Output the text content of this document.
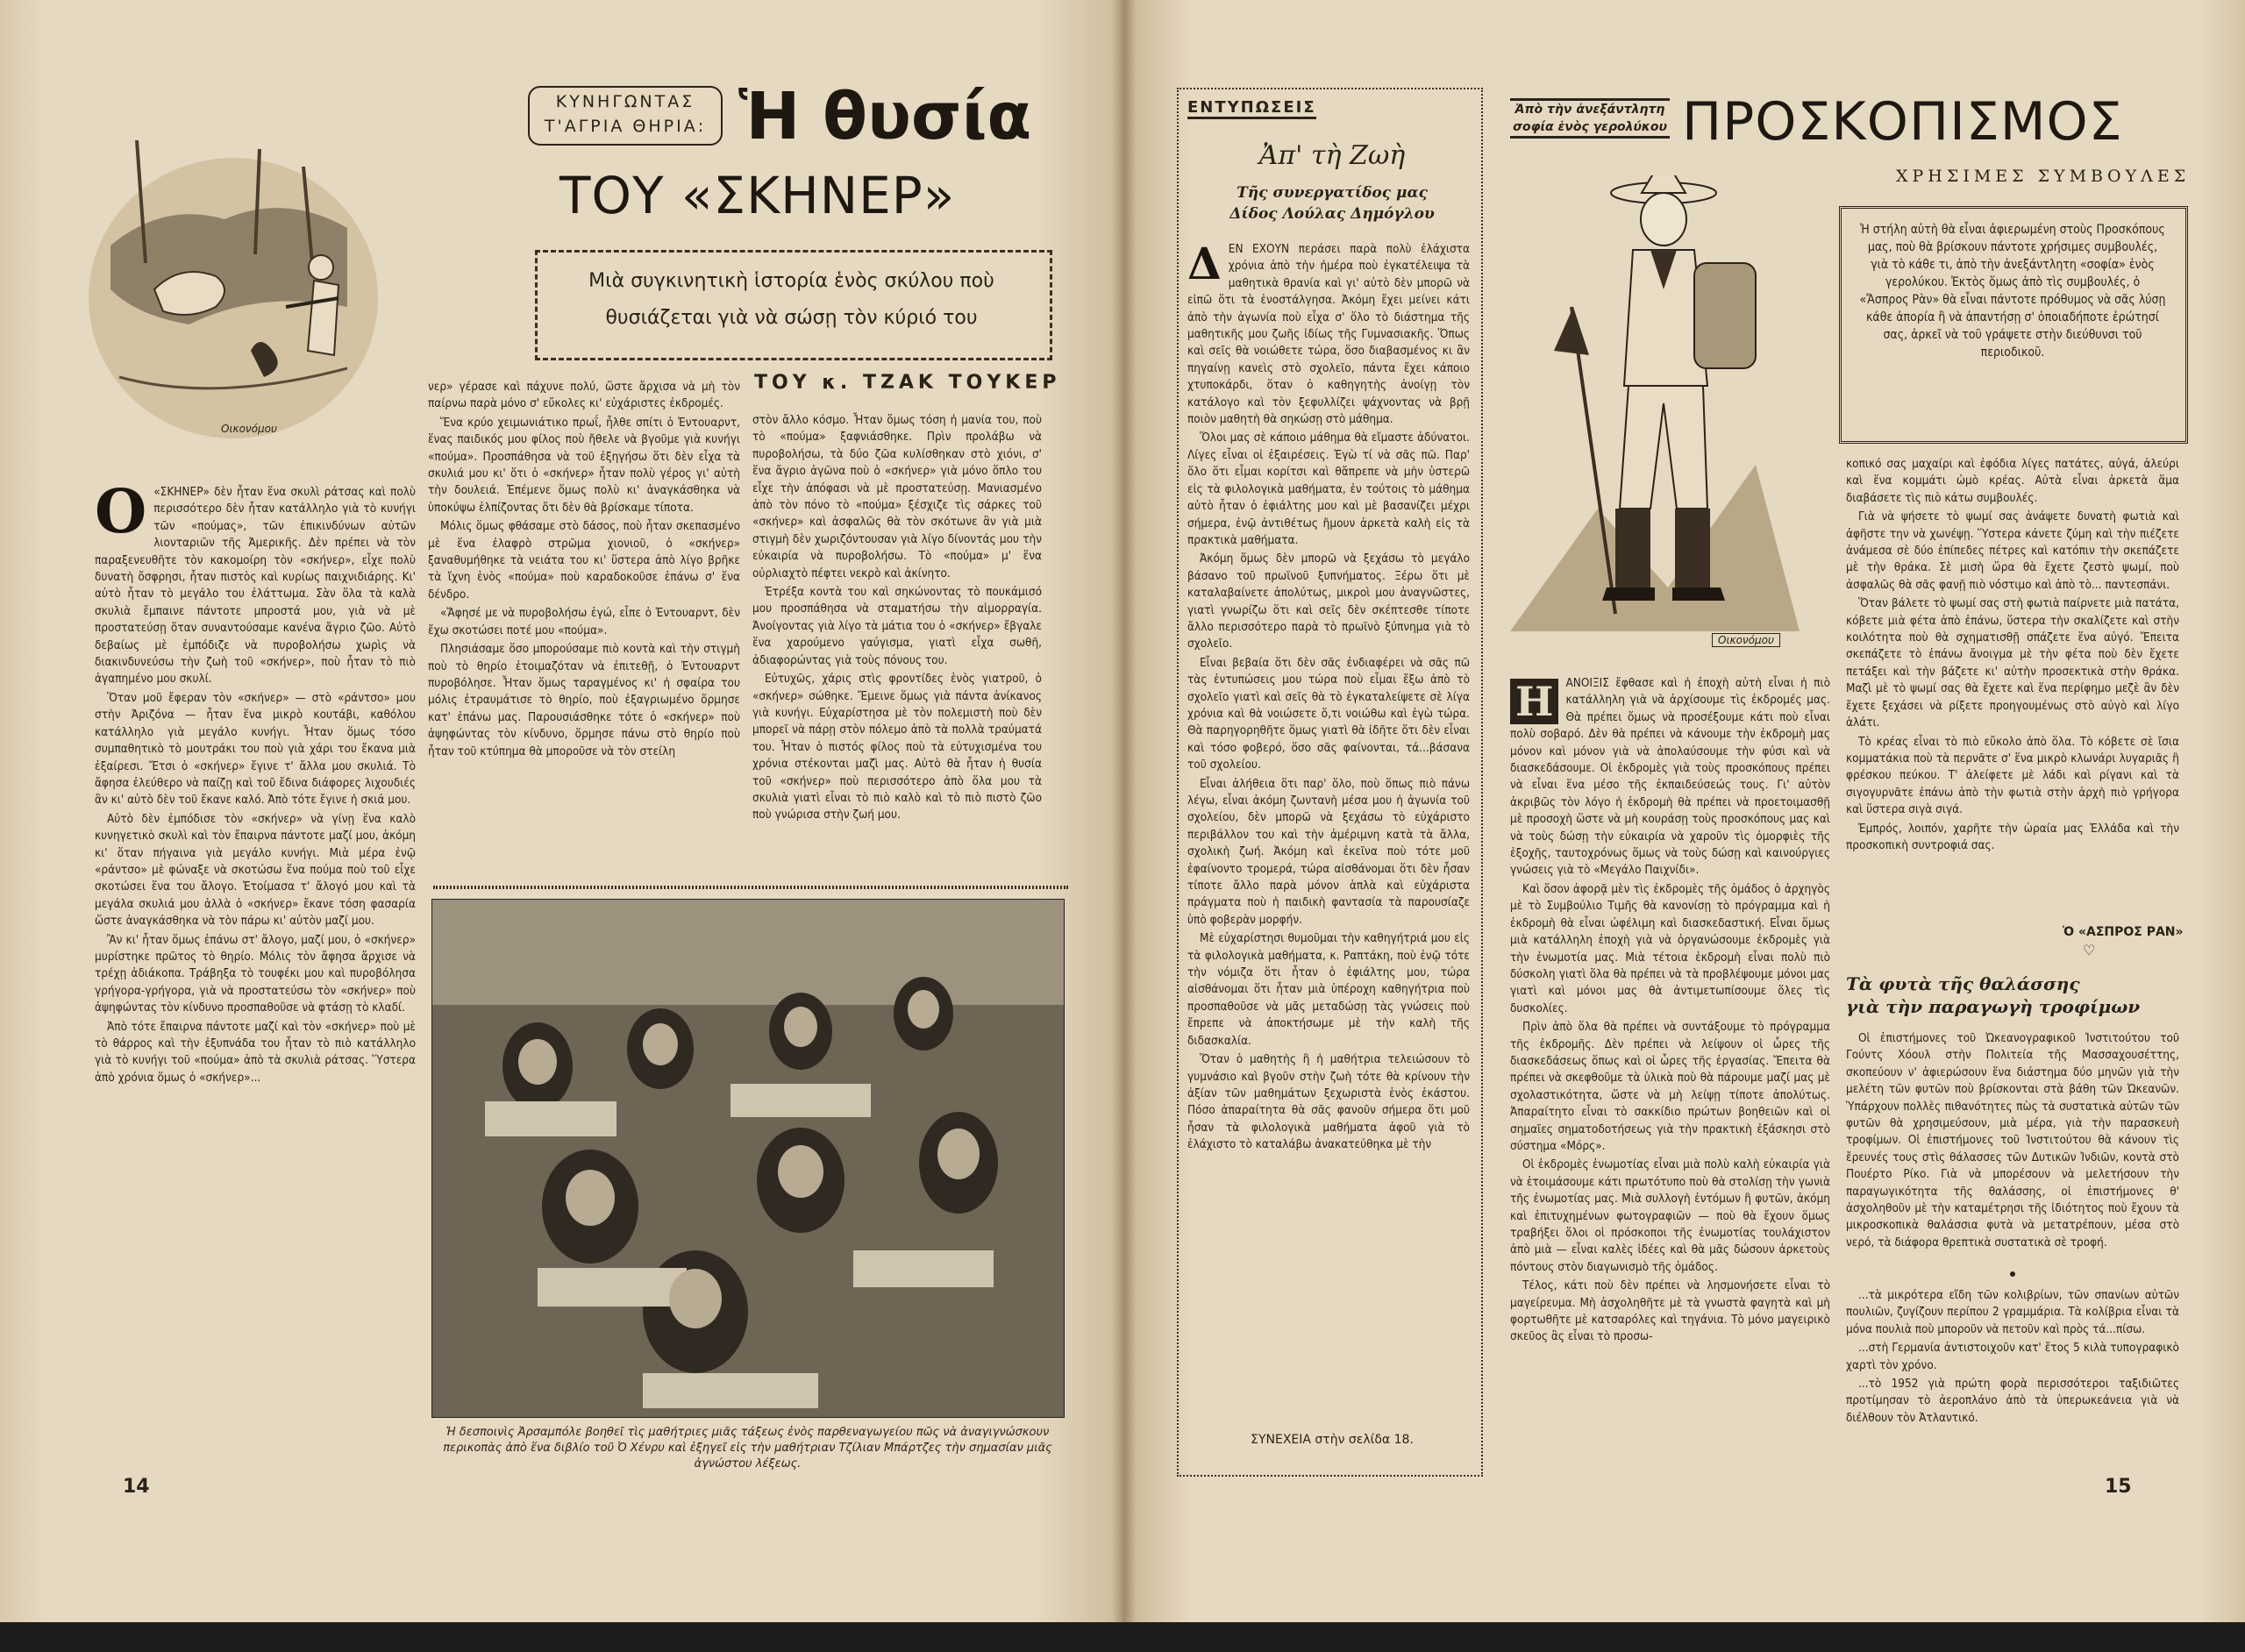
Οικονόμου
ΚΥΝΗΓΩΝΤΑΣ Τ'ΑΓΡΙΑ ΘΗΡΙΑ: Ἡ θυσία
ΤΟΥ «ΣΚΗΝΕΡ»
Μιὰ συγκινητικὴ ἱστορία ἑνὸς σκύλου ποὺ θυσιάζεται γιὰ νὰ σώσῃ τὸν κύριό του
ΤΟΥ κ. ΤΖΑΚ ΤΟΥΚΕΡ
O «ΣΚΗΝΕΡ» δὲν ἦταν ἕνα σκυλὶ ράτσας καὶ πολὺ περισσότερο δὲν ἦταν κατάλληλο γιὰ τὸ κυνήγι τῶν «πούμας», τῶν ἐπικινδύνων αὐτῶν λιονταριῶν τῆς Ἀμερικῆς. Δὲν πρέπει νὰ τὸν παραξενευθῆτε τὸν κακομοίρη τὸν «σκήνερ», εἶχε πολὺ δυνατὴ ὄσφρησι, ἦταν πιστὸς καὶ κυρίως παιχνιδιάρης. Κι' αὐτὸ ἦταν τὸ μεγάλο του ἐλάττωμα. Σὰν ὅλα τὰ καλὰ σκυλιὰ ἔμπαινε πάντοτε μπροστά μου, γιὰ νὰ μὲ προστατεύσῃ ὅταν συναντούσαμε κανένα ἄγριο ζῶο. Αὐτὸ δεβαίως μὲ ἐμπόδιζε νὰ πυροβολήσω χωρὶς νὰ διακινδυνεύσω τὴν ζωὴ τοῦ «σκήνερ», ποὺ ἦταν τὸ πιὸ ἀγαπημένο μου σκυλί.

Ὅταν μοῦ ἔφεραν τὸν «σκήνερ» — στὸ «ράντσο» μου στὴν Ἀριζόνα — ἦταν ἕνα μικρὸ κουτάβι, καθόλου κατάλληλο γιὰ μεγάλο κυνήγι. Ἦταν ὅμως τόσο συμπαθητικὸ τὸ μουτράκι του ποὺ γιὰ χάρι του ἔκανα μιὰ ἐξαίρεσι. Ἔτσι ὁ «σκήνερ» ἔγινε τ' ἄλλα μου σκυλιά. Τὸ ἄφησα ἐλεύθερο νὰ παίζῃ καὶ τοῦ ἔδινα διάφορες λιχουδιές ἂν κι' αὐτὸ δὲν τοῦ ἔκανε καλό. Ἀπὸ τότε ἔγινε ἡ σκιά μου.

Αὐτὸ δὲν ἐμπόδισε τὸν «σκήνερ» νὰ γίνῃ ἕνα καλὸ κυνηγετικὸ σκυλὶ καὶ τὸν ἔπαιρνα πάντοτε μαζί μου, ἀκόμη κι' ὅταν πήγαινα γιὰ μεγάλο κυνήγι. Μιὰ μέρα ἐνῷ «ράντσο» μὲ φώναξε νὰ σκοτώσω ἕνα πούμα ποὺ τοῦ εἶχε σκοτώσει ἕνα του ἄλογο. Ἑτοίμασα τ' ἄλογό μου καὶ τὰ μεγάλα σκυλιά μου ἀλλὰ ὁ «σκήνερ» ἔκανε τόση φασαρία ὥστε ἀναγκάσθηκα νὰ τὸν πάρω κι' αὐτὸν μαζί μου.

Ἂν κι' ἦταν ὅμως ἐπάνω στ' ἄλογο, μαζί μου, ὁ «σκήνερ» μυρίστηκε πρῶτος τὸ θηρίο. Μόλις τὸν ἄφησα ἄρχισε νὰ τρέχῃ ἀδιάκοπα. Τράβηξα τὸ τουφέκι μου καὶ πυροβόλησα γρήγορα-γρήγορα, γιὰ νὰ προστατεύσω τὸν «σκήνερ» ποὺ ἀψηφώντας τὸν κίνδυνο προσπαθοῦσε νὰ φτάσῃ τὸ κλαδί.

Ἀπὸ τότε ἔπαιρνα πάντοτε μαζί καὶ τὸν «σκήνερ» ποὺ μὲ τὸ θάρρος καὶ τὴν ἐξυπνάδα του ἦταν τὸ πιὸ κατάλληλο γιὰ τὸ κυνήγι τοῦ «πούμα» ἀπὸ τὰ σκυλιὰ ράτσας. Ὕστερα ἀπὸ χρόνια ὅμως ὁ «σκήνερ»...

14

νερ» γέρασε καὶ πάχυνε πολύ, ὥστε ἄρχισα νὰ μὴ τὸν παίρνω παρὰ μόνο σ' εὔκολες κι' εὐχάριστες ἐκδρομές.

Ἕνα κρύο χειμωνιάτικο πρωΐ, ἦλθε σπίτι ὁ Ἐντουαρντ, ἕνας παιδικός μου φίλος ποὺ ἤθελε νὰ βγοῦμε γιὰ κυνήγι «πούμα». Προσπάθησα νὰ τοῦ ἐξηγήσω ὅτι δὲν εἶχα τὰ σκυλιά μου κι' ὅτι ὁ «σκήνερ» ἦταν πολὺ γέρος γι' αὐτὴ τὴν δουλειά. Ἐπέμενε ὅμως πολὺ κι' ἀναγκάσθηκα νὰ ὑποκύψω ἐλπίζοντας ὅτι δὲν θὰ βρίσκαμε τίποτα.

Μόλις ὅμως φθάσαμε στὸ δάσος, ποὺ ἦταν σκεπασμένο μὲ ἕνα ἐλαφρὸ στρῶμα χιονιοῦ, ὁ «σκήνερ» ξαναθυμήθηκε τὰ νειάτα του κι' ὕστερα ἀπὸ λίγο βρῆκε τὰ ἴχνη ἑνὸς «πούμα» ποὺ καραδοκοῦσε ἐπάνω σ' ἕνα δένδρο.

«Ἄφησέ με νὰ πυροβολήσω ἐγώ, εἶπε ὁ Ἐντουαρντ, δὲν ἔχω σκοτώσει ποτέ μου «πούμα».

Πλησιάσαμε ὅσο μπορούσαμε πιὸ κοντὰ καὶ τὴν στιγμὴ ποὺ τὸ θηρίο ἑτοιμαζόταν νὰ ἐπιτεθῇ, ὁ Ἐντουαρντ πυροβόλησε. Ἦταν ὅμως ταραγμένος κι' ἡ σφαίρα του μόλις ἐτραυμάτισε τὸ θηρίο, ποὺ ἐξαγριωμένο ὅρμησε κατ' ἐπάνω μας. Παρουσιάσθηκε τότε ὁ «σκήνερ» ποὺ ἀψηφώντας τὸν κίνδυνο, ὅρμησε πάνω στὸ θηρίο ποὺ ἦταν τοῦ κτύπημα θὰ μποροῦσε νὰ τὸν στείλη

στὸν ἄλλο κόσμο. Ἦταν ὅμως τόση ἡ μανία του, ποὺ τὸ «πούμα» ξαφνιάσθηκε. Πρὶν προλάβω νὰ πυροβολήσω, τὰ δύο ζῶα κυλίσθηκαν στὸ χιόνι, σ' ἕνα ἄγριο ἀγῶνα ποὺ ὁ «σκήνερ» γιὰ μόνο ὅπλο του εἶχε τὴν ἀπόφασι νὰ μὲ προστατεύσῃ. Μανιασμένο ἀπὸ τὸν πόνο τὸ «πούμα» ξέσχιζε τὶς σάρκες τοῦ «σκήνερ» καὶ ἀσφαλῶς θὰ τὸν σκότωνε ἂν γιὰ μιὰ στιγμὴ δὲν χωριζόντουσαν γιὰ λίγο δίνοντάς μου τὴν εὐκαιρία νὰ πυροβολήσω. Τὸ «πούμα» μ' ἕνα οὐρλιαχτὸ πέφτει νεκρὸ καὶ ἀκίνητο.

Ἐτρέξα κοντὰ του καὶ σηκώνοντας τὸ πουκάμισό μου προσπάθησα νὰ σταματήσω τὴν αἱμορραγία. Ἀνοίγοντας γιὰ λίγο τὰ μάτια του ὁ «σκήνερ» ἔβγαλε ἕνα χαρούμενο γαύγισμα, γιατὶ εἶχα σωθῆ, ἀδιαφορώντας γιὰ τοὺς πόνους του.

Εὐτυχῶς, χάρις στὶς φροντίδες ἑνὸς γιατροῦ, ὁ «σκήνερ» σώθηκε. Ἔμεινε ὅμως γιὰ πάντα ἀνίκανος γιὰ κυνήγι. Εὐχαρίστησα μὲ τὸν πολεμιστὴ ποὺ δὲν μπορεῖ νὰ πάρῃ στὸν πόλεμο ἀπὸ τὰ πολλὰ τραύματά του. Ἦταν ὁ πιστός φίλος ποὺ τὰ εὐτυχισμένα του χρόνια στέκονται μαζὶ μας. Αὐτὸ θὰ ἦταν ἡ θυσία τοῦ «σκήνερ» ποὺ περισσότερο ἀπὸ ὅλα μου τὰ σκυλιὰ γιατὶ εἶναι τὸ πιὸ καλὸ καὶ τὸ πιὸ πιστὸ ζῶο ποὺ γνώρισα στὴν ζωή μου.

Ἡ δεσποινὶς Ἀρσαμπόλε βοηθεῖ τὶς μαθήτριες μιᾶς τάξεως ἑνὸς παρθεναγωγείου πῶς νὰ ἀναγιγνώσκουν περικοπὰς ἀπὸ ἕνα διβλίο τοῦ Ὀ Χένρυ καὶ ἐξηγεῖ εἰς τὴν μαθήτριαν Τζίλιαν Μπάρτζες τὴν σημασίαν μιᾶς ἀγνώστου λέξεως.
ΕΝΤΥΠΩΣΕΙΣ
Ἀπ' τὴ Ζωὴ
Τῆς συνεργατίδος μας
Δίδος Λούλας Δημόγλου
Δ ΕΝ ΕΧΟΥΝ περάσει παρὰ πολὺ ἐλάχιστα χρόνια ἀπὸ τὴν ἡμέρα ποὺ ἐγκατέλειψα τὰ μαθητικὰ θρανία καὶ γι' αὐτὸ δὲν μπορῶ νὰ εἰπῶ ὅτι τὰ ἐνοστάλγησα. Ἀκόμη ἔχει μείνει κάτι ἀπὸ τὴν ἀγωνία ποὺ εἶχα σ' ὅλο τὸ διάστημα τῆς μαθητικῆς μου ζωῆς ἰδίως τῆς Γυμνασιακῆς. Ὅπως καὶ σεῖς θὰ νοιώθετε τώρα, ὅσο διαβασμένος κι ἂν πηγαίνῃ κανεὶς στὸ σχολεῖο, πάντα ἔχει κάποιο χτυποκάρδι, ὅταν ὁ καθηγητὴς ἀνοίγῃ τὸν κατάλογο καὶ τὸν ξεφυλλίζει ψάχνοντας νὰ βρῇ ποιὸν μαθητὴ θὰ σηκώσῃ στὸ μάθημα.

Ὅλοι μας σὲ κάποιο μάθημα θὰ εἴμαστε ἀδύνατοι. Λίγες εἶναι οἱ ἐξαιρέσεις. Ἐγὼ τί νὰ σᾶς πῶ. Παρ' ὅλο ὅτι εἶμαι κορίτσι καὶ θἄπρεπε νὰ μὴν ὑστερῶ εἰς τὰ φιλολογικὰ μαθήματα, ἐν τούτοις τὸ μάθημα αὐτὸ ἦταν ὁ ἐφιάλτης μου καὶ μὲ βασανίζει μέχρι σήμερα, ἐνῷ ἀντιθέτως ἤμουν ἀρκετὰ καλὴ εἰς τὰ πρακτικὰ μαθήματα.

Ἀκόμη ὅμως δὲν μπορῶ νὰ ξεχάσω τὸ μεγάλο βάσανο τοῦ πρωϊνοῦ ξυπνήματος. Ξέρω ὅτι μὲ καταλαβαίνετε ἀπολύτως, μικροὶ μου ἀναγνῶστες, γιατὶ γνωρίζω ὅτι καὶ σεῖς δὲν σκέπτεσθε τίποτε ἄλλο περισσότερο παρὰ τὸ πρωϊνὸ ξύπνημα γιὰ τὸ σχολεῖο.

Εἶναι βεβαία ὅτι δὲν σᾶς ἐνδιαφέρει νὰ σᾶς πῶ τὰς ἐντυπώσεις μου τώρα ποὺ εἶμαι ἔξω ἀπὸ τὸ σχολεῖο γιατὶ καὶ σεῖς θὰ τὸ ἐγκαταλείψετε σὲ λίγα χρόνια καὶ θὰ νοιώσετε ὅ,τι νοιώθω καὶ ἐγὼ τώρα. Θὰ παρηγορηθῆτε ὅμως γιατὶ θὰ ἰδῆτε ὅτι δὲν εἶναι καὶ τόσο φοβερό, ὅσο σᾶς φαίνονται, τά...βάσανα τοῦ σχολείου.

Εἶναι ἀλήθεια ὅτι παρ' ὅλο, ποὺ ὅπως πιὸ πάνω λέγω, εἶναι ἀκόμη ζωντανὴ μέσα μου ἡ ἀγωνία τοῦ σχολείου, δὲν μπορῶ νὰ ξεχάσω τὸ εὐχάριστο περιβάλλον του καὶ τὴν ἀμέριμνη κατὰ τὰ ἄλλα, σχολικὴ ζωή. Ἀκόμη καὶ ἐκεῖνα ποὺ τότε μοῦ ἐφαίνοντο τρομερά, τώρα αἰσθάνομαι ὅτι δὲν ἦσαν τίποτε ἄλλο παρὰ μόνον ἁπλὰ καὶ εὐχάριστα πράγματα ποὺ ἡ παιδικὴ φαντασία τὰ παρουσίαζε ὑπὸ φοβερὰν μορφήν.

Μὲ εὐχαρίστησι θυμοῦμαι τὴν καθηγήτριά μου εἰς τὰ φιλολογικὰ μαθήματα, κ. Ραπτάκη, ποὺ ἐνῷ τότε τὴν νόμιζα ὅτι ἦταν ὁ ἐφιάλτης μου, τώρα αἰσθάνομαι ὅτι ἦταν μιὰ ὑπέροχη καθηγήτρια ποὺ προσπαθοῦσε νὰ μᾶς μεταδώσῃ τὰς γνώσεις ποὺ ἔπρεπε νὰ ἀποκτήσωμε μὲ τὴν καλὴ τῆς διδασκαλία.

Ὅταν ὁ μαθητὴς ἢ ἡ μαθήτρια τελειώσουν τὸ γυμνάσιο καὶ βγοῦν στὴν ζωὴ τότε θὰ κρίνουν τὴν ἀξίαν τῶν μαθημάτων ξεχωριστὰ ἑνὸς ἑκάστου. Πόσο ἀπαραίτητα θὰ σᾶς φανοῦν σήμερα ὅτι μοῦ ἦσαν τὰ φιλολογικὰ μαθήματα ἀφοῦ γιὰ τὸ ἐλάχιστο τὸ καταλάβω ἀνακατεύθηκα μὲ τὴν

ΣΥΝΕΧΕΙΑ στὴν σελίδα 18.
Ἀπὸ τὴν ἀνεξάντλητη
σοφία ἑνὸς γερολύκου ΠΡΟΣΚΟΠΙΣΜΟΣ
ΧΡΗΣΙΜΕΣ ΣΥΜΒΟΥΛΕΣ
Οικονόμου
Ἡ στήλη αὐτὴ θὰ εἶναι ἀφιερωμένη στοὺς Προσκόπους μας, ποὺ θὰ βρίσκουν πάντοτε χρήσιμες συμβουλές, γιὰ τὸ κάθε τι, ἀπὸ τὴν ἀνεξάντλητη «σοφία» ἑνὸς γερολύκου. Ἐκτὸς ὅμως ἀπὸ τὶς συμβουλές, ὁ «Ἄσπρος Ρὰν» θὰ εἶναι πάντοτε πρόθυμος νὰ σᾶς λύσῃ κάθε ἀπορία ἢ νὰ ἀπαντήσῃ σ' ὁποιαδήποτε ἐρώτησί σας, ἀρκεῖ νὰ τοῦ γράψετε στὴν διεύθυνσι τοῦ περιοδικοῦ.

κοπικό σας μαχαίρι καὶ ἐφόδια λίγες πατάτες, αὐγά, ἀλεύρι καὶ ἕνα κομμάτι ὠμὸ κρέας. Αὐτὰ εἶναι ἀρκετὰ ἅμα διαβάσετε τὶς πιὸ κάτω συμβουλές.

Γιὰ νὰ ψήσετε τὸ ψωμί σας ἀνάψετε δυνατὴ φωτιὰ καὶ ἀφῆστε την νὰ χωνέψῃ. Ὕστερα κάνετε ζύμη καὶ τὴν πιέζετε ἀνάμεσα σὲ δύο ἐπίπεδες πέτρες καὶ κατόπιν τὴν σκεπάζετε μὲ τὴν θράκα. Σὲ μισὴ ὥρα θὰ ἔχετε ζεστὸ ψωμί, ποὺ ἀσφαλῶς θὰ σᾶς φανῇ πιὸ νόστιμο καὶ ἀπὸ τὸ... παντεσπάνι.

Ὅταν βάλετε τὸ ψωμί σας στὴ φωτιὰ παίρνετε μιὰ πατάτα, κόβετε μιὰ φέτα ἀπὸ ἐπάνω, ὕστερα τὴν σκαλίζετε καὶ στὴν κοιλότητα ποὺ θὰ σχηματισθῇ σπάζετε ἕνα αὐγό. Ἔπειτα σκεπάζετε τὸ ἐπάνω ἄνοιγμα μὲ τὴν φέτα ποὺ δὲν ἔχετε πετάξει καὶ τὴν βάζετε κι' αὐτὴν προσεκτικὰ στὴν θράκα. Μαζὶ μὲ τὸ ψωμί σας θὰ ἔχετε καὶ ἕνα περίφημο μεζὲ ἂν δὲν ἔχετε ξεχάσει νὰ ρίξετε προηγουμένως στὸ αὐγὸ καὶ λίγο ἁλάτι.

Τὸ κρέας εἶναι τὸ πιὸ εὔκολο ἀπὸ ὅλα. Τὸ κόβετε σὲ ἴσια κομματάκια ποὺ τὰ περνᾶτε σ' ἕνα μικρὸ κλωνάρι λυγαριᾶς ἢ φρέσκου πεύκου. Τ' ἀλείφετε μὲ λάδι καὶ ρίγανι καὶ τὰ σιγογυρνᾶτε ἐπάνω ἀπὸ τὴν φωτιὰ στὴν ἀρχὴ πιὸ γρήγορα καὶ ὕστερα σιγὰ σιγά.

Ἐμπρός, λοιπόν, χαρῆτε τὴν ὡραία μας Ἑλλάδα καὶ τὴν προσκοπικὴ συντροφιά σας.

Ὁ «ΑΣΠΡΟΣ ΡΑΝ»
♡
Η	ΑΝΟΙΞΙΣ ἔφθασε καὶ ἡ ἐποχὴ αὐτὴ εἶναι ἡ πιὸ κατάλληλη γιὰ νὰ ἀρχίσουμε τὶς ἐκδρομές μας. Θὰ πρέπει ὅμως νὰ προσέξουμε κάτι ποὺ εἶναι πολὺ σοβαρό. Δὲν θὰ πρέπει νὰ κάνουμε τὴν ἐκδρομὴ μας μόνον καὶ μόνον γιὰ νὰ ἀπολαύσουμε τὴν φύσι καὶ νὰ διασκεδάσουμε. Οἱ ἐκδρομὲς γιὰ τοὺς προσκόπους πρέπει νὰ εἶναι ἕνα μέσο τῆς ἐκπαιδεύσεώς τους. Γι' αὐτὸν ἀκριβῶς τὸν λόγο ἡ ἐκδρομὴ θὰ πρέπει νὰ προετοιμασθῇ μὲ προσοχὴ ὥστε νὰ μὴ κουράσῃ τοὺς προσκόπους μας καὶ νὰ τοὺς δώσῃ τὴν εὐκαιρία νὰ χαροῦν τὶς ὀμορφιὲς τῆς ἐξοχῆς, ταυτοχρόνως ὅμως νὰ τοὺς δώσῃ καὶ καινούργιες γνώσεις γιὰ τὸ «Μεγάλο Παιχνίδι».

Καὶ ὅσον ἀφορᾷ μὲν τὶς ἐκδρομὲς τῆς ὁμάδος ὁ ἀρχηγὸς μὲ τὸ Συμβούλιο Τιμῆς θὰ κανονίσῃ τὸ πρόγραμμα καὶ ἡ ἐκδρομὴ θὰ εἶναι ὠφέλιμη καὶ διασκεδαστική. Εἶναι ὅμως μιὰ κατάλληλη ἐποχὴ γιὰ νὰ ὀργανώσουμε ἐκδρομὲς γιὰ τὴν ἐνωμοτία μας. Μιὰ τέτοια ἐκδρομὴ εἶναι πολὺ πιὸ δύσκολη γιατὶ ὅλα θὰ πρέπει νὰ τὰ προβλέψουμε μόνοι μας γιατὶ καὶ μόνοι μας θὰ ἀντιμετωπίσουμε ὅλες τὶς δυσκολίες.

Πρὶν ἀπὸ ὅλα θὰ πρέπει νὰ συντάξουμε τὸ πρόγραμμα τῆς ἐκδρομῆς. Δὲν πρέπει νὰ λείψουν οἱ ὧρες τῆς διασκεδάσεως ὅπως καὶ οἱ ὧρες τῆς ἐργασίας. Ἔπειτα θὰ πρέπει νὰ σκεφθοῦμε τὰ ὑλικὰ ποὺ θὰ πάρουμε μαζί μας μὲ σχολαστικότητα, ὥστε νὰ μὴ λείψῃ τίποτε ἀπολύτως. Ἀπαραίτητο εἶναι τὸ σακκίδιο πρώτων βοηθειῶν καὶ οἱ σημαῖες σηματοδοτήσεως γιὰ τὴν πρακτικὴ ἐξάσκησι στὸ σύστημα «Μόρς».

Οἱ ἐκδρομὲς ἐνωμοτίας εἶναι μιὰ πολὺ καλὴ εὐκαιρία γιὰ νὰ ἑτοιμάσουμε κάτι πρωτότυπο ποὺ θὰ στολίσῃ τὴν γωνιὰ τῆς ἐνωμοτίας μας. Μιὰ συλλογὴ ἐντόμων ἢ φυτῶν, ἀκόμη καὶ ἐπιτυχημένων φωτογραφιῶν — ποὺ θὰ ἔχουν ὅμως τραβήξει ὅλοι οἱ πρόσκοποι τῆς ἐνωμοτίας τουλάχιστον ἀπὸ μιὰ — εἶναι καλὲς ἰδέες καὶ θὰ μᾶς δώσουν ἀρκετοὺς πόντους στὸν διαγωνισμὸ τῆς ὁμάδος.

Τέλος, κάτι ποὺ δὲν πρέπει νὰ λησμονήσετε εἶναι τὸ μαγείρευμα. Μὴ ἀσχοληθῆτε μὲ τὰ γνωστὰ φαγητὰ καὶ μὴ φορτωθῆτε μὲ κατσαρόλες καὶ τηγάνια. Τὸ μόνο μαγειρικὸ σκεῦος ἂς εἶναι τὸ προσω-

Τὰ φυτὰ τῆς θαλάσσης
γιὰ τὴν παραγωγὴ τροφίμων

Οἱ ἐπιστήμονες τοῦ Ὠκεανογραφικοῦ Ἰνστιτούτου τοῦ Γούντς Χόουλ στὴν Πολιτεία τῆς Μασσαχουσέττης, σκοπεύουν ν' ἀφιερώσουν ἕνα διάστημα δύο μηνῶν γιὰ τὴν μελέτη τῶν φυτῶν ποὺ βρίσκονται στὰ βάθη τῶν Ὠκεανῶν. Ὑπάρχουν πολλὲς πιθανότητες πὼς τὰ συστατικὰ αὐτῶν τῶν φυτῶν θὰ χρησιμεύσουν, μιὰ μέρα, γιὰ τὴν παρασκευὴ τροφίμων. Οἱ ἐπιστήμονες τοῦ Ἰνστιτούτου θὰ κάνουν τὶς ἔρευνές τους στὶς θάλασσες τῶν Δυτικῶν Ἰνδιῶν, κοντὰ στὸ Πουέρτο Ρίκο. Γιὰ νὰ μπορέσουν νὰ μελετήσουν τὴν παραγωγικότητα τῆς θαλάσσης, οἱ ἐπιστήμονες θ' ἀσχοληθοῦν μὲ τὴν καταμέτρησι τῆς ἰδιότητος ποὺ ἔχουν τὰ μικροσκοπικὰ θαλάσσια φυτὰ νὰ μετατρέπουν, μέσα στὸ νερό, τὰ διάφορα θρεπτικὰ συστατικὰ σὲ τροφή.

...τὰ μικρότερα εἴδη τῶν κολιβρίων, τῶν σπανίων αὐτῶν πουλιῶν, ζυγίζουν περίπου 2 γραμμάρια. Τὰ κολίβρια εἶναι τὰ μόνα πουλιὰ ποὺ μποροῦν νὰ πετοῦν καὶ πρὸς τά...πίσω.

...στὴ Γερμανία ἀντιστοιχοῦν κατ' ἔτος 5 κιλὰ τυπογραφικὸ χαρτὶ τὸν χρόνο.

...τὸ 1952 γιὰ πρώτη φορὰ περισσότεροι ταξιδιῶτες προτίμησαν τὸ ἀεροπλάνο ἀπὸ τὰ ὑπερωκεάνεια γιὰ νὰ διέλθουν τὸν Ἀτλαντικό.

15
